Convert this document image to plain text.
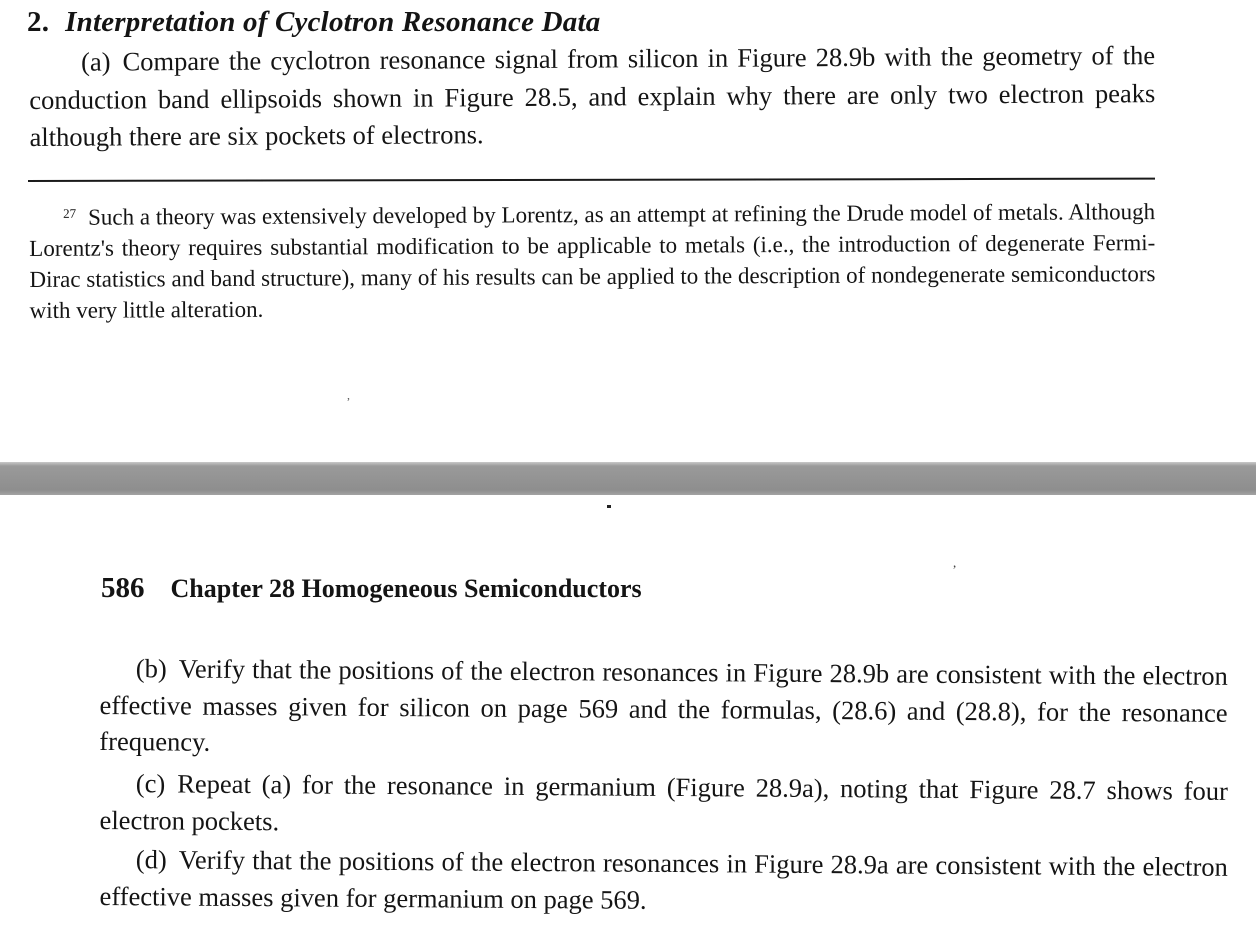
2. Interpretation of Cyclotron Resonance Data

(a) Compare the cyclotron resonance signal from silicon in Figure 28.9b with the geometry of the conduction band ellipsoids shown in Figure 28.5, and explain why there are only two electron peaks although there are six pockets of electrons.

$^{27}$ Such a theory was extensively developed by Lorentz, as an attempt at refining the Drude model of metals. Although Lorentz's theory requires substantial modification to be applicable to metals (i.e., the introduction of degenerate Fermi-Dirac statistics and band structure), many of his results can be applied to the description of nondegenerate semiconductors with very little alteration.

,
,
586 Chapter 28 Homogeneous Semiconductors

(b) Verify that the positions of the electron resonances in Figure 28.9b are consistent with the electron effective masses given for silicon on page 569 and the formulas, (28.6) and (28.8), for the resonance frequency.

(c) Repeat (a) for the resonance in germanium (Figure 28.9a), noting that Figure 28.7 shows four electron pockets.

(d) Verify that the positions of the electron resonances in Figure 28.9a are consistent with the electron effective masses given for germanium on page 569.
